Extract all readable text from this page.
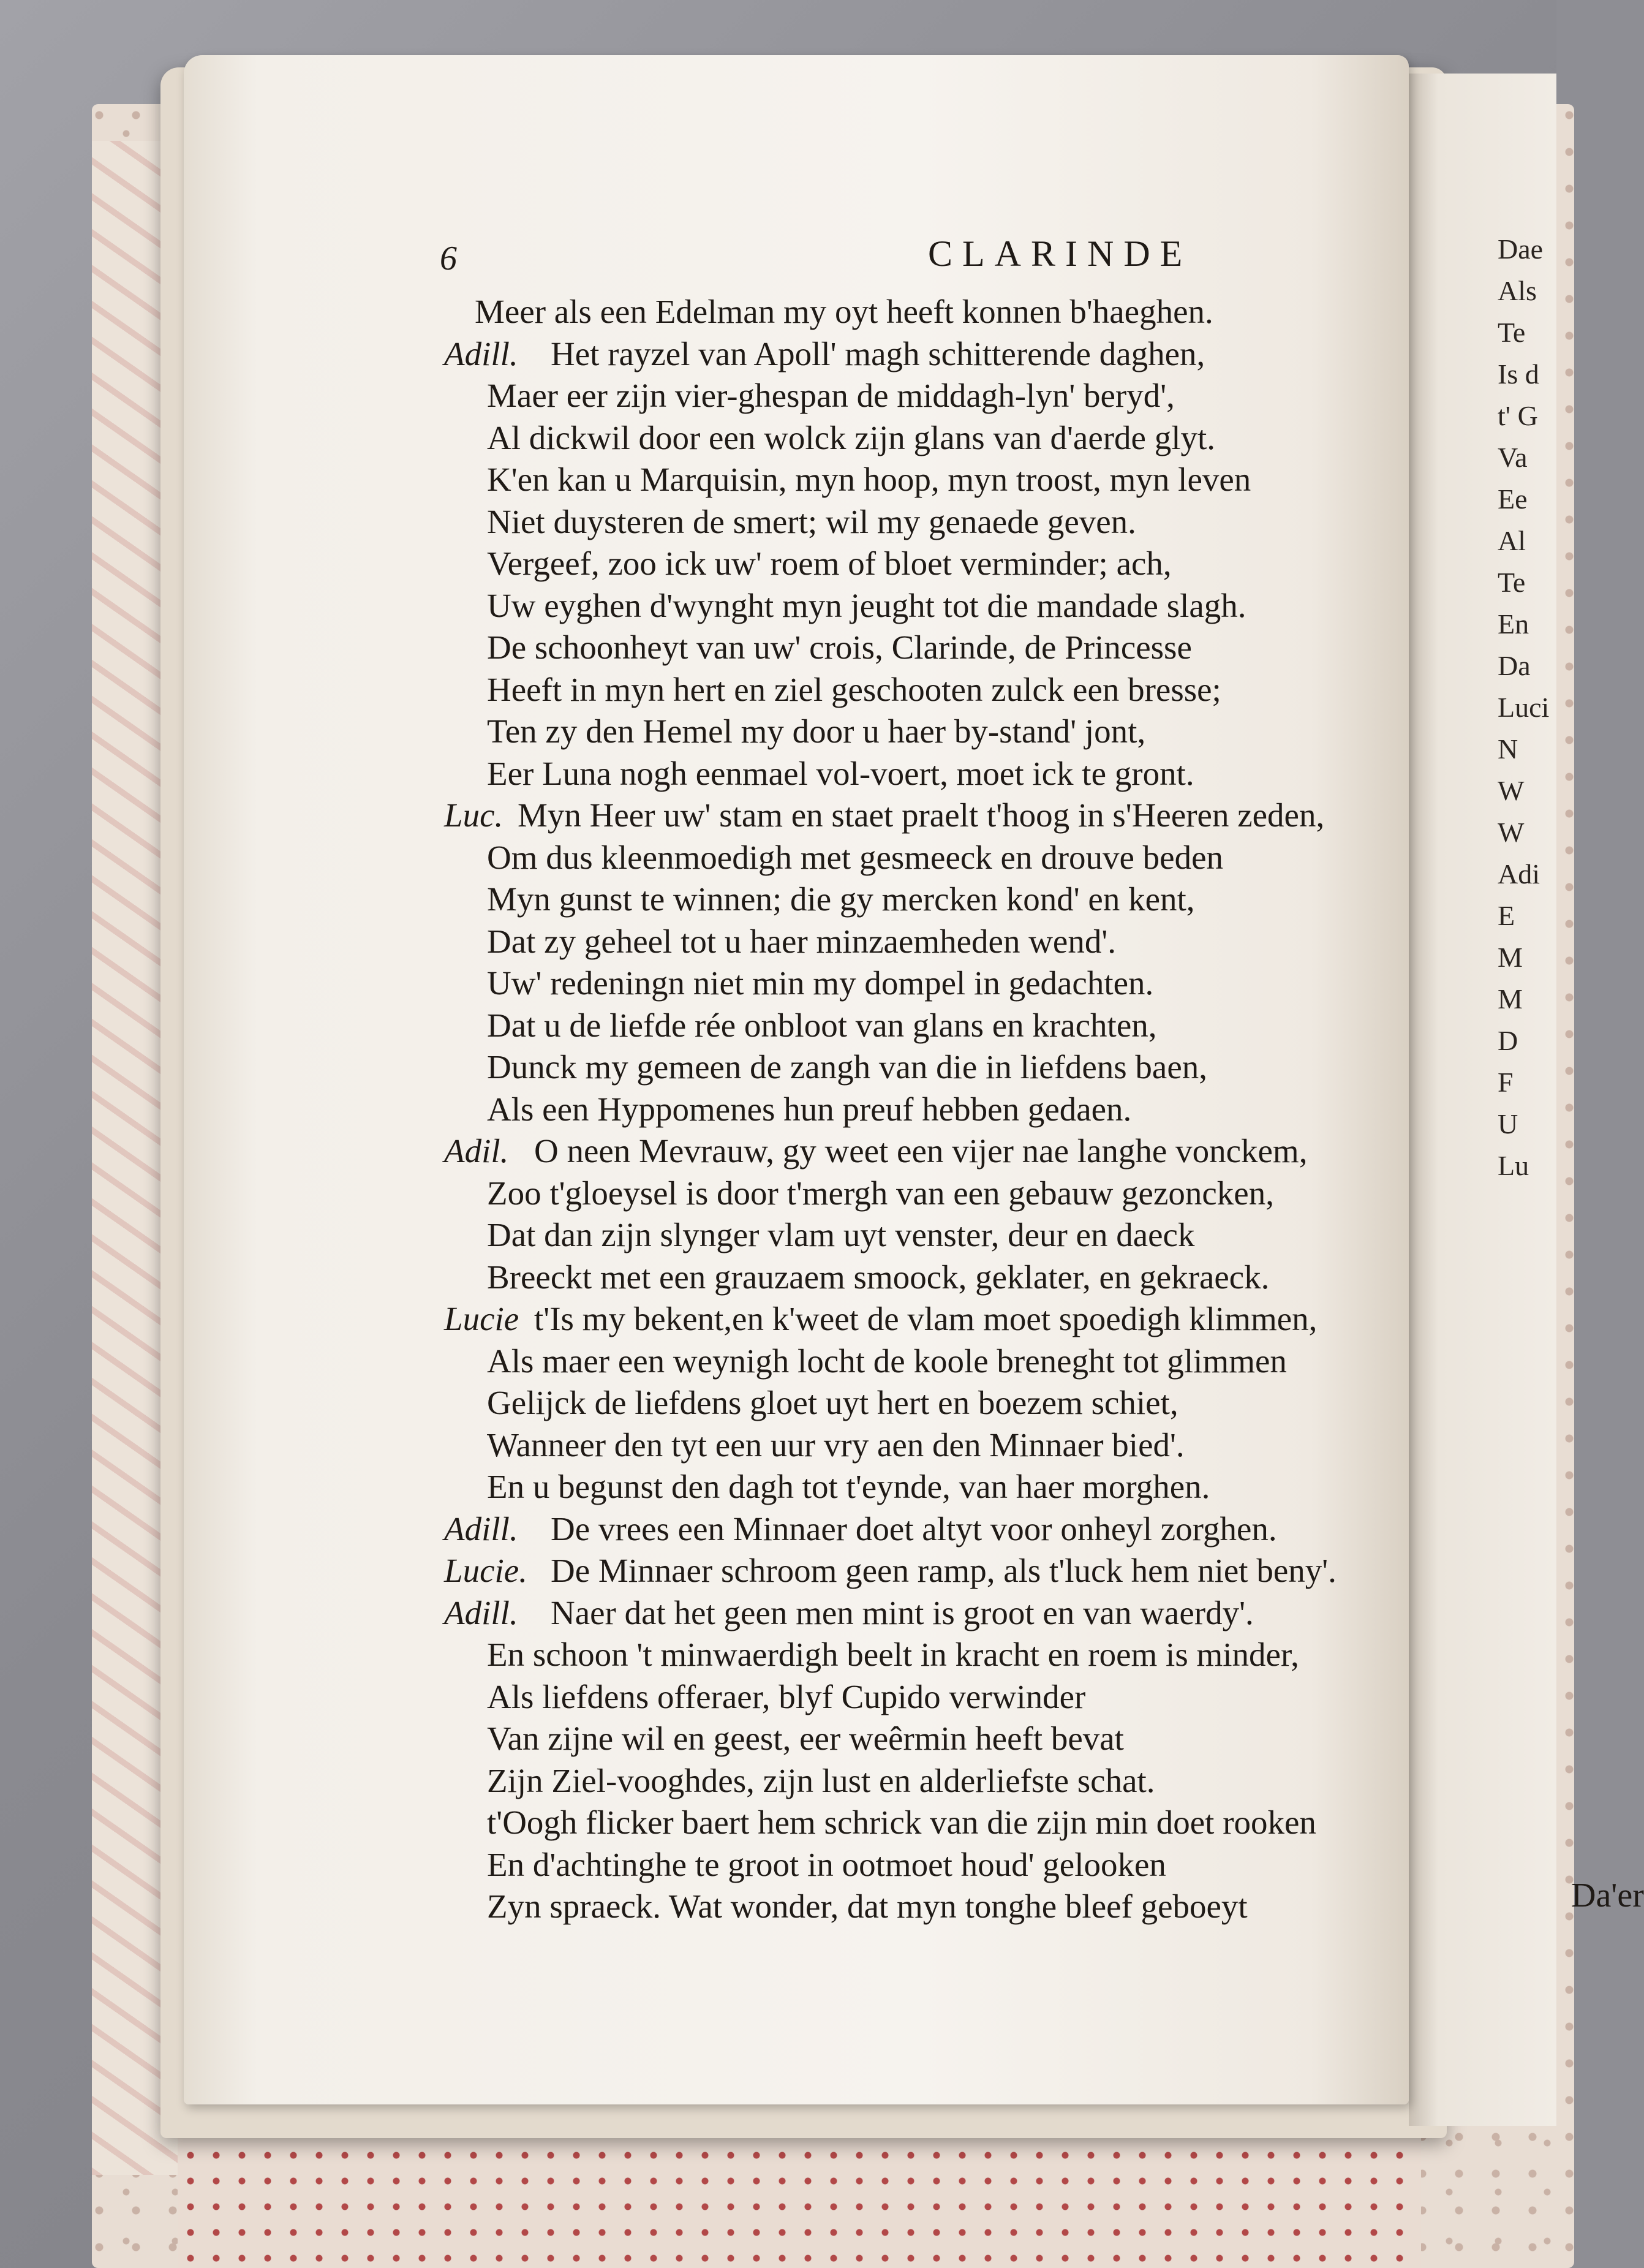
Dae
Als
Te
Is d
t' G
Va
Ee
Al
Te
En
Da
Luci
N
W
W
Adi
E
M
M
D
F
U
Lu
6	CLARINDE
Meer als een Edelman my oyt heeft konnen b'haeghen.
Adill. Het rayzel van Apoll' magh schitterende daghen,
Maer eer zijn vier-ghespan de middagh-lyn' beryd',
Al dickwil door een wolck zijn glans van d'aerde glyt.
K'en kan u Marquisin, myn hoop, myn troost, myn leven
Niet duysteren de smert; wil my genaede geven.
Vergeef, zoo ick uw' roem of bloet verminder; ach,
Uw eyghen d'wynght myn jeught tot die mandade slagh.
De schoonheyt van uw' crois, Clarinde, de Princesse
Heeft in myn hert en ziel geschooten zulck een bresse;
Ten zy den Hemel my door u haer by-stand' jont,
Eer Luna nogh eenmael vol-voert, moet ick te gront.
Luc. Myn Heer uw' stam en staet praelt t'hoog in s'Heeren zeden,
Om dus kleenmoedigh met gesmeeck en drouve beden
Myn gunst te winnen; die gy mercken kond' en kent,
Dat zy geheel tot u haer minzaemheden wend'.
Uw' redeningn niet min my dompel in gedachten.
Dat u de liefde rée onbloot van glans en krachten,
Dunck my gemeen de zangh van die in liefdens baen,
Als een Hyppomenes hun preuf hebben gedaen.
Adil. O neen Mevrauw, gy weet een vijer nae langhe vonckem,
Zoo t'gloeysel is door t'mergh van een gebauw gezoncken,
Dat dan zijn slynger vlam uyt venster, deur en daeck
Breeckt met een grauzaem smoock, geklater, en gekraeck.
Lucie t'Is my bekent,en k'weet de vlam moet spoedigh klimmen,
Als maer een weynigh locht de koole breneght tot glimmen
Gelijck de liefdens gloet uyt hert en boezem schiet,
Wanneer den tyt een uur vry aen den Minnaer bied'.
En u begunst den dagh tot t'eynde, van haer morghen.
Adill. De vrees een Minnaer doet altyt voor onheyl zorghen.
Lucie. De Minnaer schroom geen ramp, als t'luck hem niet beny'.
Adill. Naer dat het geen men mint is groot en van waerdy'.
En schoon 't minwaerdigh beelt in kracht en roem is minder,
Als liefdens offeraer, blyf Cupido verwinder
Van zijne wil en geest, eer weêrmin heeft bevat
Zijn Ziel-vooghdes, zijn lust en alderliefste schat.
t'Oogh flicker baert hem schrick van die zijn min doet rooken
En d'achtinghe te groot in ootmoet houd' gelooken
Zyn spraeck. Wat wonder, dat myn tonghe bleef geboeyt	Da'er
